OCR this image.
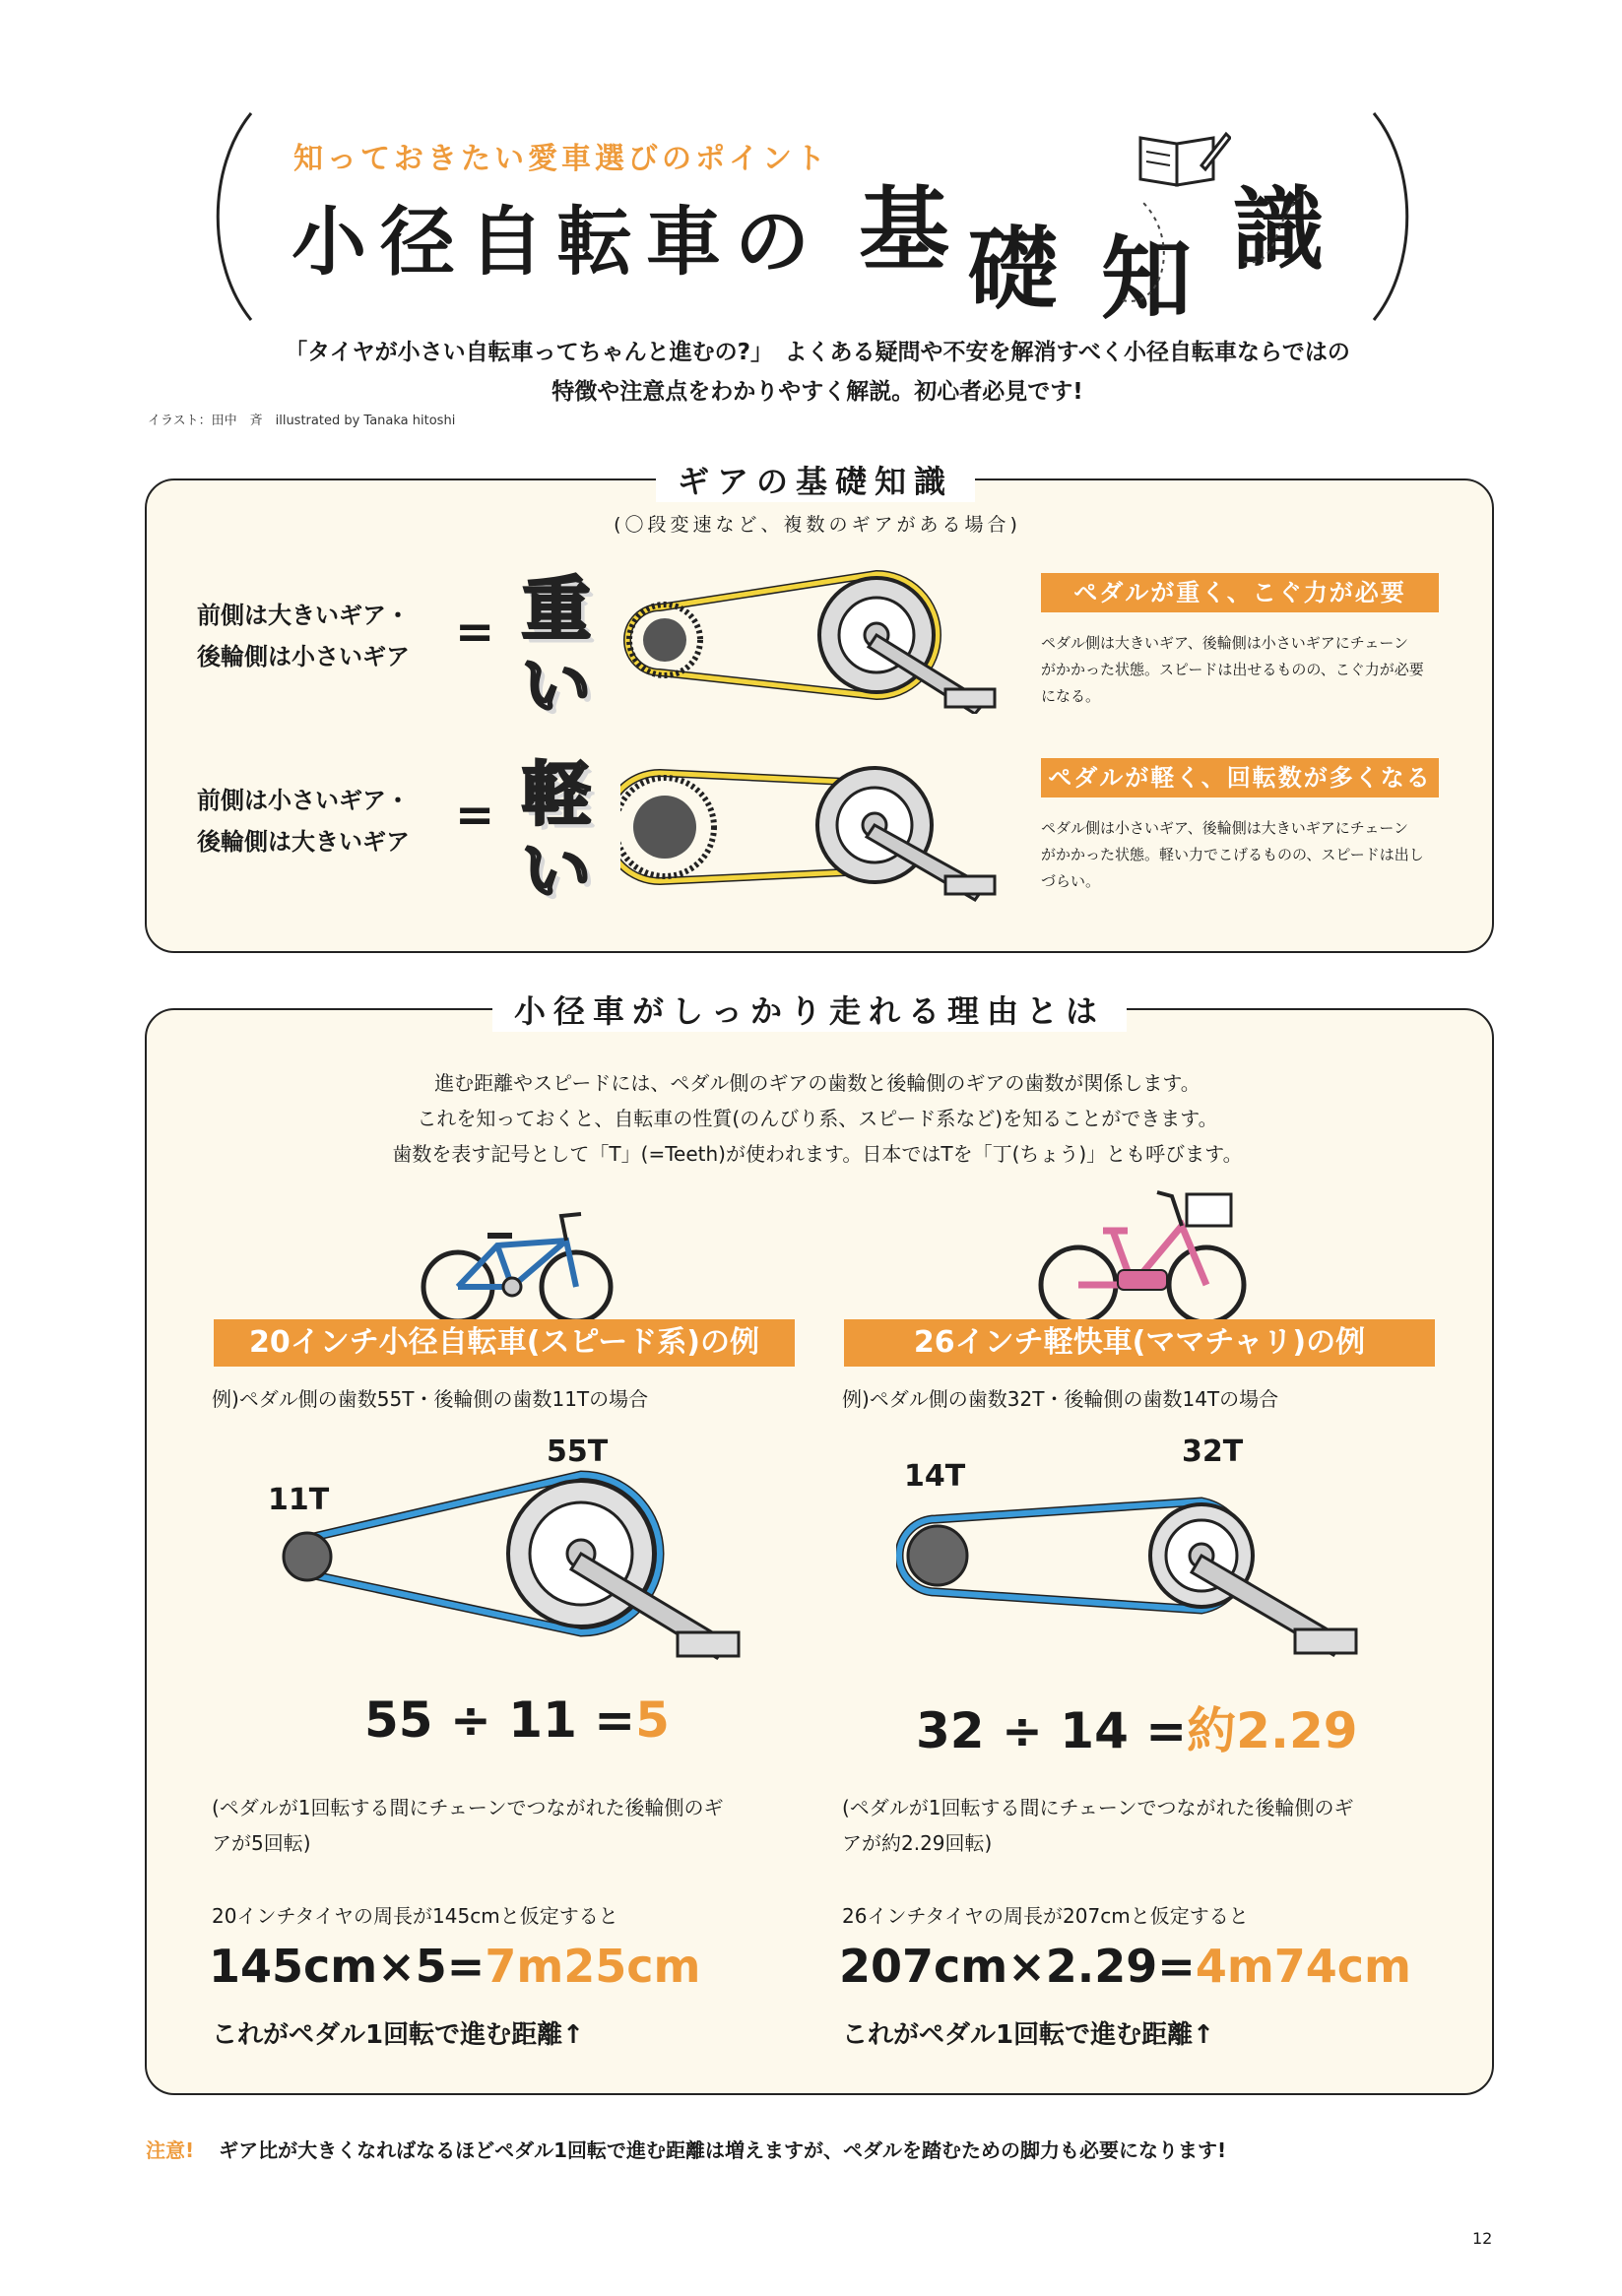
知っておきたい愛車選びのポイント
小径自転車の 基 礎 知 識
「タイヤが小さい自転車ってちゃんと進むの?」　よくある疑問や不安を解消すべく小径自転車ならではの
特徴や注意点をわかりやすく解説。初心者必見です!
イラスト：田中　斉　illustrated by Tanaka hitoshi
ギアの基礎知識
(〇段変速など、複数のギアがある場合)
前側は大きいギア・
後輪側は小さいギア = 重
い
ペダルが重く、こぐ力が必要
ペダル側は大きいギア、後輪側は小さいギアにチェーン
がかかった状態。スピードは出せるものの、こぐ力が必要
になる。
前側は小さいギア・
後輪側は大きいギア = 軽
い
ペダルが軽く、回転数が多くなる
ペダル側は小さいギア、後輪側は大きいギアにチェーン
がかかった状態。軽い力でこげるものの、スピードは出し
づらい。
小径車がしっかり走れる理由とは
進む距離やスピードには、ペダル側のギアの歯数と後輪側のギアの歯数が関係します。
これを知っておくと、自転車の性質(のんびり系、スピード系など)を知ることができます。
歯数を表す記号として「T」(=Teeth)が使われます。日本ではTを「丁(ちょう)」とも呼びます。
20インチ小径自転車(スピード系)の例
例)ペダル側の歯数55T・後輪側の歯数11Tの場合
11T
55T
55 ÷ 11 =5
(ペダルが1回転する間にチェーンでつながれた後輪側のギ
アが5回転)
20インチタイヤの周長が145cmと仮定すると
145cm×5=7m25cm
これがペダル1回転で進む距離↑
26インチ軽快車(ママチャリ)の例
例)ペダル側の歯数32T・後輪側の歯数14Tの場合
14T
32T
32 ÷ 14 =約2.29
(ペダルが1回転する間にチェーンでつながれた後輪側のギ
アが約2.29回転)
26インチタイヤの周長が207cmと仮定すると
207cm×2.29=4m74cm
これがペダル1回転で進む距離↑
注意! ギア比が大きくなればなるほどペダル1回転で進む距離は増えますが、ペダルを踏むための脚力も必要になります!
12
